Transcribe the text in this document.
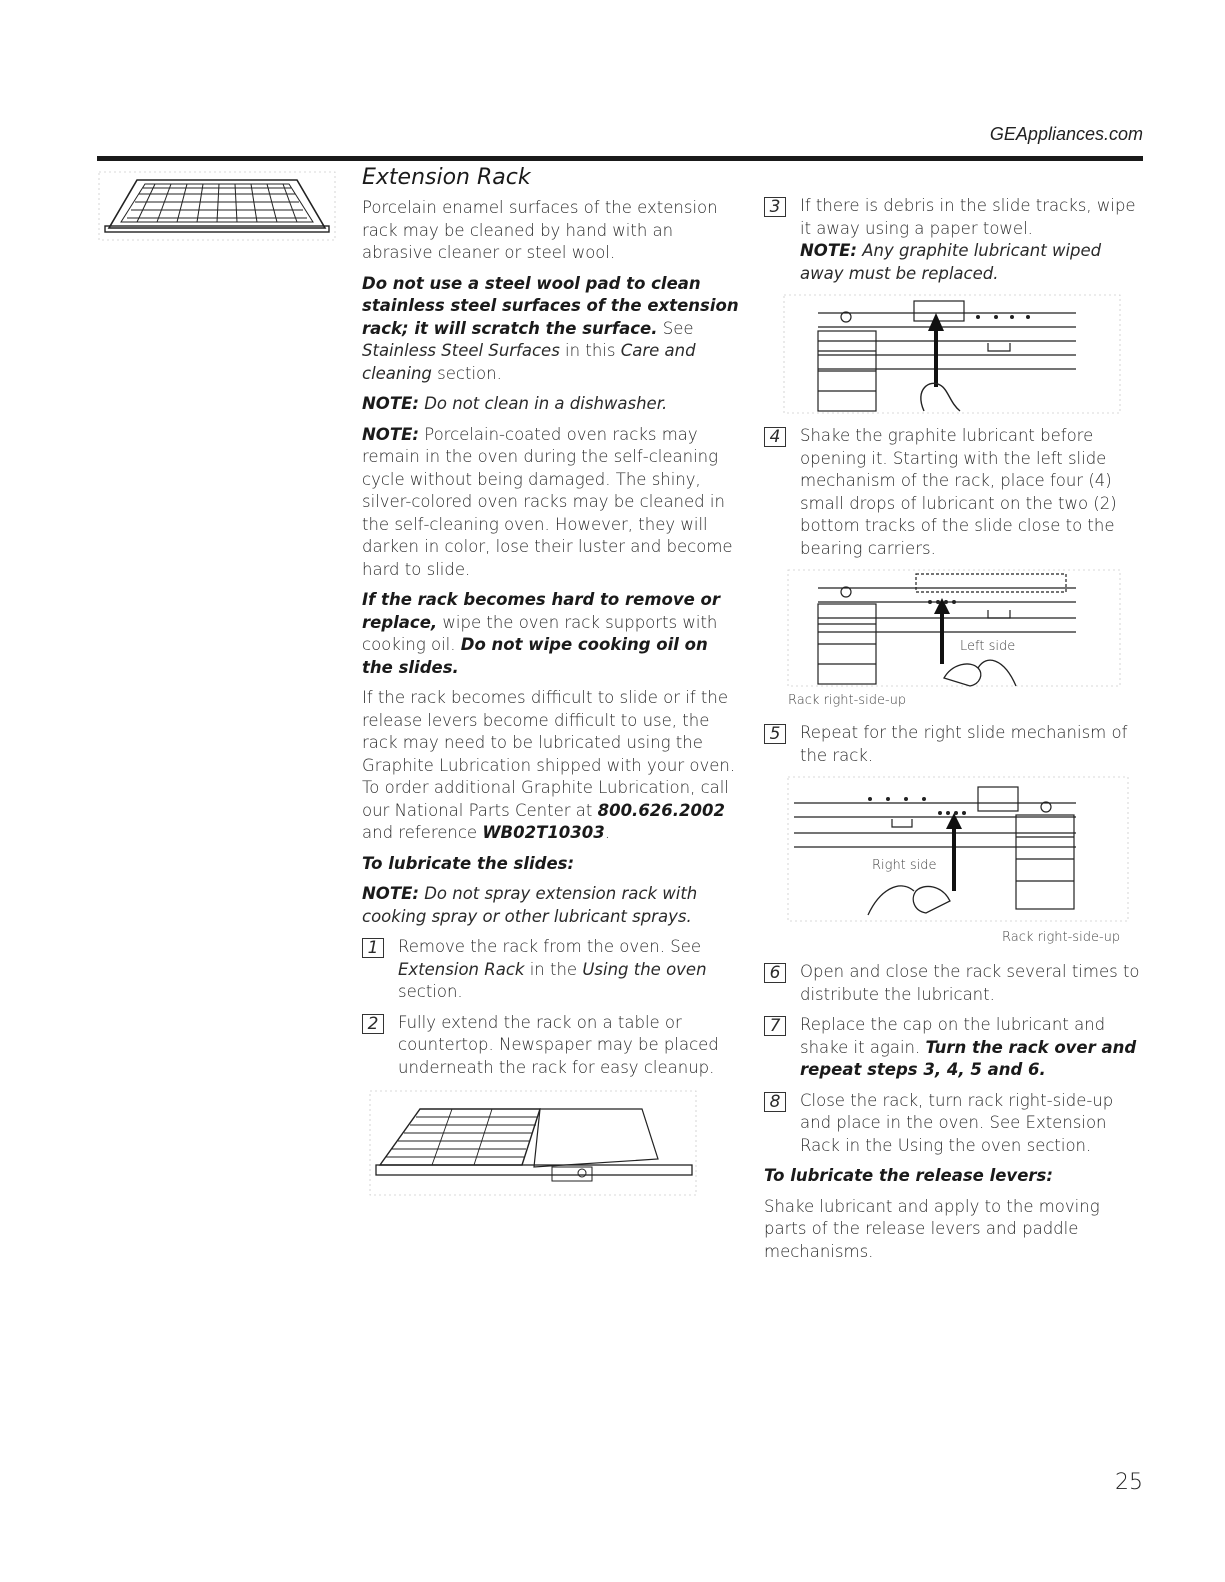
GEAppliances.com
Extension Rack

Porcelain enamel surfaces of the extension rack may be cleaned by hand with an abrasive cleaner or steel wool.

Do not use a steel wool pad to clean stainless steel surfaces of the extension rack; it will scratch the surface. See Stainless Steel Surfaces in this Care and cleaning section.

NOTE: Do not clean in a dishwasher.

NOTE: Porcelain-coated oven racks may remain in the oven during the self-cleaning cycle without being damaged. The shiny, silver-colored oven racks may be cleaned in the self-cleaning oven. However, they will darken in color, lose their luster and become hard to slide.

If the rack becomes hard to remove or replace, wipe the oven rack supports with cooking oil. Do not wipe cooking oil on the slides.

If the rack becomes difficult to slide or if the release levers become difficult to use, the rack may need to be lubricated using the Graphite Lubrication shipped with your oven. To order additional Graphite Lubrication, call our National Parts Center at 800.626.2002 and reference WB02T10303.

To lubricate the slides:

NOTE: Do not spray extension rack with cooking spray or other lubricant sprays.

1	Remove the rack from the oven. See Extension Rack in the Using the oven section.
2	Fully extend the rack on a table or countertop. Newspaper may be placed underneath the rack for easy cleanup.
3	If there is debris in the slide tracks, wipe it away using a paper towel.
NOTE: Any graphite lubricant wiped away must be replaced.
4	Shake the graphite lubricant before opening it. Starting with the left slide mechanism of the rack, place four (4) small drops of lubricant on the two (2) bottom tracks of the slide close to the bearing carriers.
Left side
Rack right-side-up
5	Repeat for the right slide mechanism of the rack.
Right side
Rack right-side-up
6	Open and close the rack several times to distribute the lubricant.
7	Replace the cap on the lubricant and shake it again. Turn the rack over and repeat steps 3, 4, 5 and 6.
8	Close the rack, turn rack right-side-up and place in the oven. See Extension Rack in the Using the oven section.

To lubricate the release levers:

Shake lubricant and apply to the moving parts of the release levers and paddle mechanisms.

25
